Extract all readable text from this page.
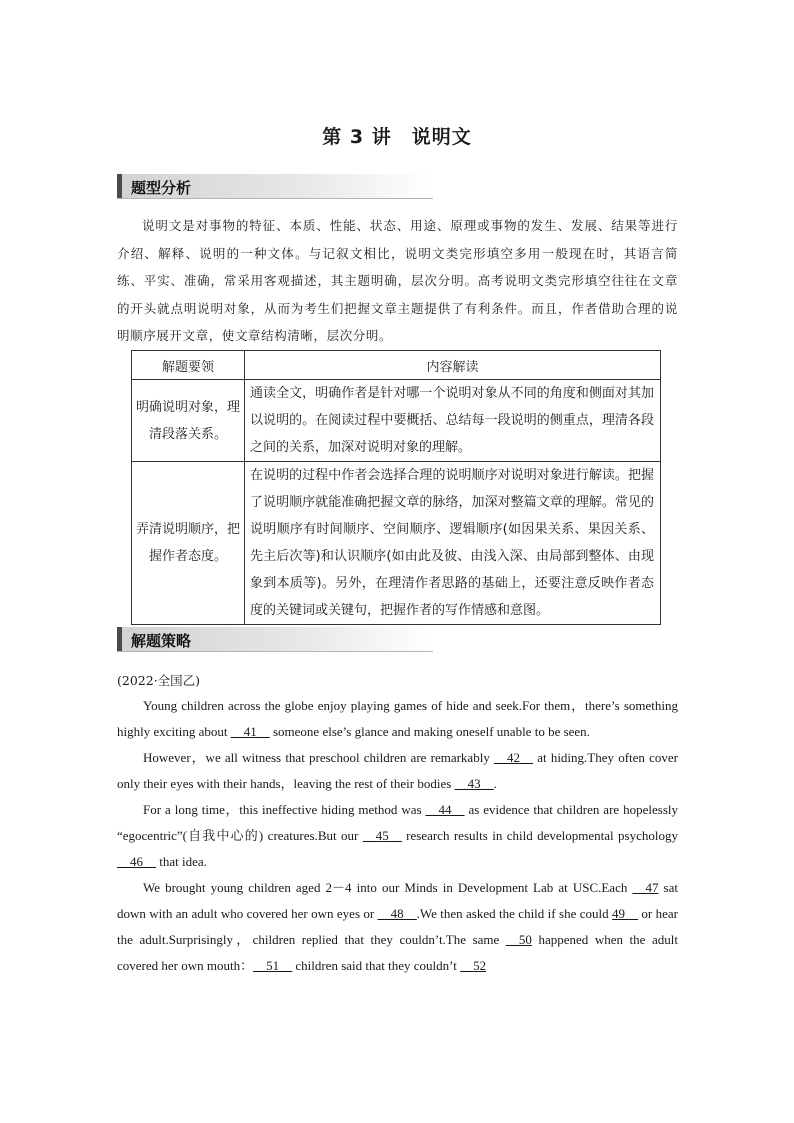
第 3 讲　说明文
题型分析
说明文是对事物的特征、本质、性能、状态、用途、原理或事物的发生、发展、结果等进行介绍、解释、说明的一种文体。与记叙文相比，说明文类完形填空多用一般现在时，其语言简练、平实、准确，常采用客观描述，其主题明确，层次分明。高考说明文类完形填空往往在文章的开头就点明说明对象，从而为考生们把握文章主题提供了有利条件。而且，作者借助合理的说明顺序展开文章，使文章结构清晰，层次分明。
解题要领	内容解读
明确说明对象，理清段落关系。	通读全文，明确作者是针对哪一个说明对象从不同的角度和侧面对其加以说明的。在阅读过程中要概括、总结每一段说明的侧重点，理清各段之间的关系，加深对说明对象的理解。
弄清说明顺序，把握作者态度。	在说明的过程中作者会选择合理的说明顺序对说明对象进行解读。把握了说明顺序就能准确把握文章的脉络，加深对整篇文章的理解。常见的说明顺序有时间顺序、空间顺序、逻辑顺序(如因果关系、果因关系、先主后次等)和认识顺序(如由此及彼、由浅入深、由局部到整体、由现象到本质等)。另外，在理清作者思路的基础上，还要注意反映作者态度的关键词或关键句，把握作者的写作情感和意图。
解题策略
(2022·全国乙)

Young children across the globe enjoy playing games of hide and seek.For them，there’s something highly exciting about __41__ someone else’s glance and making oneself unable to be seen.

However，we all witness that preschool children are remarkably __42__ at hiding.They often cover only their eyes with their hands，leaving the rest of their bodies __43__.

For a long time，this ineffective hiding method was __44__ as evidence that children are hopelessly “egocentric”(自我中心的) creatures.But our __45__ research results in child developmental psychology __46__ that idea.

We brought young children aged 2－4 into our Minds in Development Lab at USC.Each __47 sat down with an adult who covered her own eyes or __48__.We then asked the child if she could 49__ or hear the adult.Surprisingly，children replied that they couldn’t.The same __50 happened when the adult covered her own mouth：__51__ children said that they couldn’t __52
